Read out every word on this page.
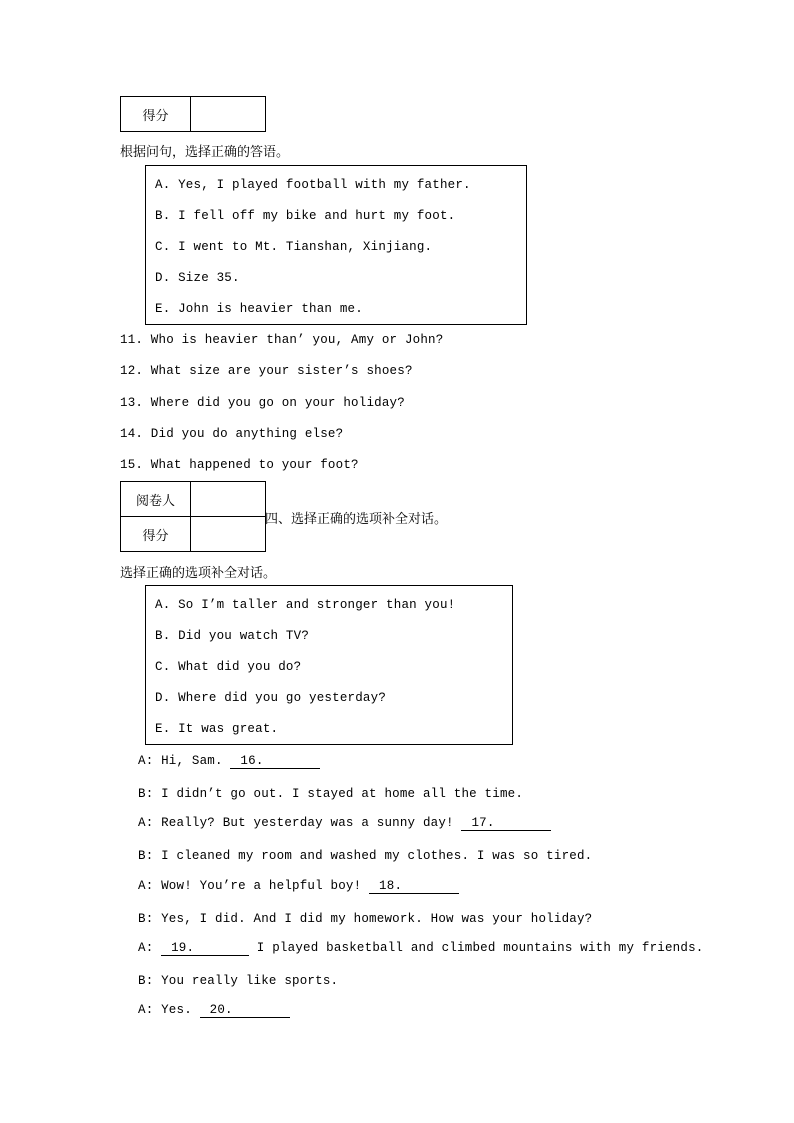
得分	
根据问句，选择正确的答语。
A. Yes, I played football with my father.
B. I fell off my bike and hurt my foot.
C. I went to Mt. Tianshan, Xinjiang.
D. Size 35.
E. John is heavier than me.
11. Who is heavier than’ you, Amy or John?
12. What size are your sister’s shoes?
13. Where did you go on your holiday?
14. Did you do anything else?
15. What happened to your foot?
阅卷人	
得分	
四、选择正确的选项补全对话。
选择正确的选项补全对话。
A. So I’m taller and stronger than you!
B. Did you watch TV?
C. What did you do?
D. Where did you go yesterday?
E. It was great.
A: Hi, Sam. 16.
B: I didn’t go out. I stayed at home all the time.
A: Really? But yesterday was a sunny day! 17.
B: I cleaned my room and washed my clothes. I was so tired.
A: Wow! You’re a helpful boy! 18.
B: Yes, I did. And I did my homework. How was your holiday?
A: 19.	I played basketball and climbed mountains with my friends.
B: You really like sports.
A: Yes. 20.
